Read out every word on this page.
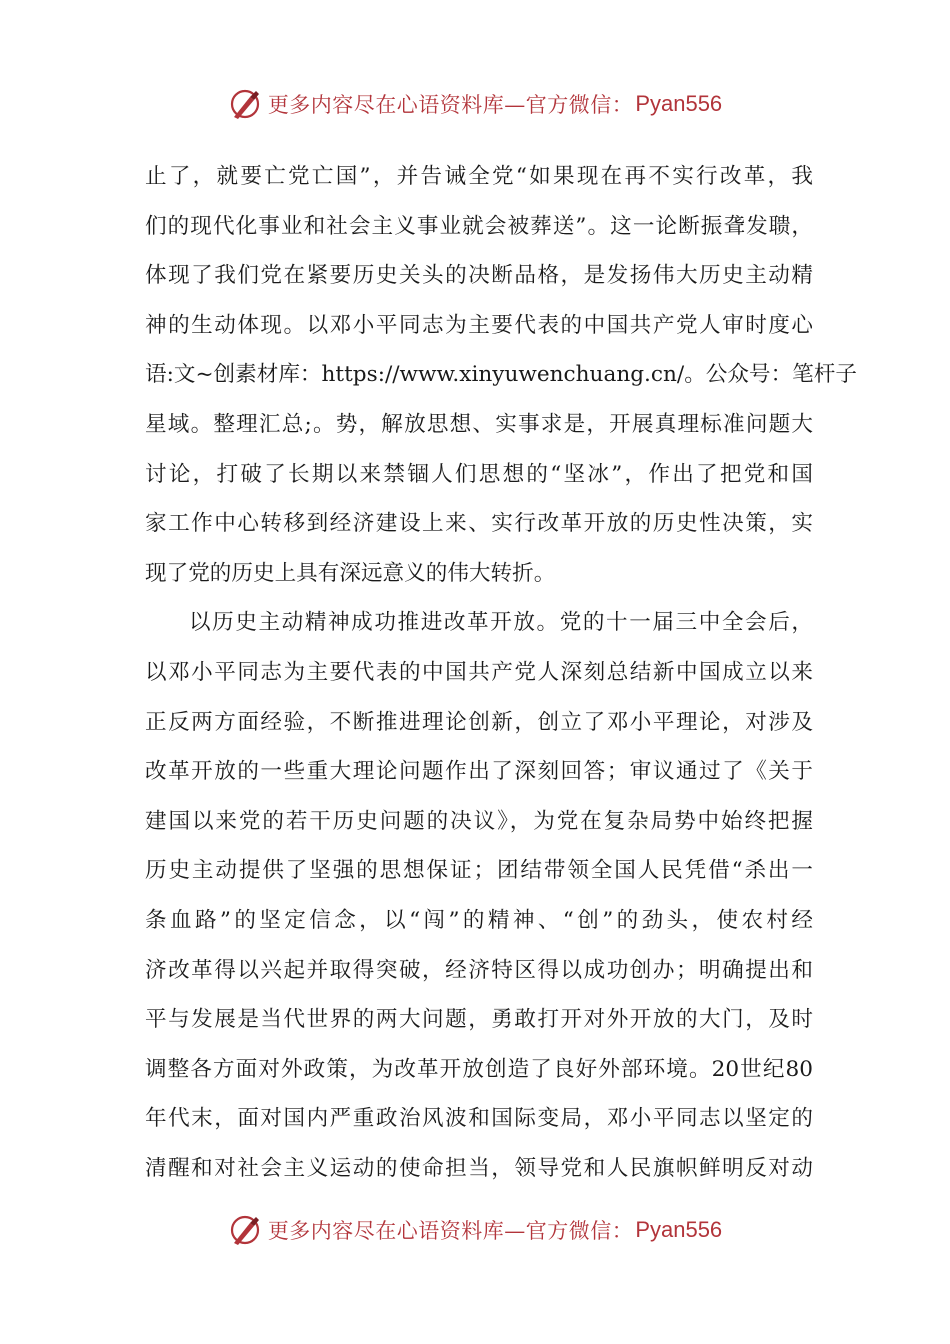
更多内容尽在心语资料库—官方微信： Pyan556
止了，就要亡党亡国”，并告诫全党“如果现在再不实行改革，我
们的现代化事业和社会主义事业就会被葬送”。这一论断振聋发聩，
体现了我们党在紧要历史关头的决断品格，是发扬伟大历史主动精
神的生动体现。以邓小平同志为主要代表的中国共产党人审时度心
语:文~创素材库：https://www.xinyuwenchuang.cn/。公众号：笔杆子
星域。整理汇总;。势，解放思想、实事求是，开展真理标准问题大
讨论，打破了长期以来禁锢人们思想的“坚冰”，作出了把党和国
家工作中心转移到经济建设上来、实行改革开放的历史性决策，实
现了党的历史上具有深远意义的伟大转折。
以历史主动精神成功推进改革开放。党的十一届三中全会后，
以邓小平同志为主要代表的中国共产党人深刻总结新中国成立以来
正反两方面经验，不断推进理论创新，创立了邓小平理论，对涉及
改革开放的一些重大理论问题作出了深刻回答；审议通过了《关于
建国以来党的若干历史问题的决议》，为党在复杂局势中始终把握
历史主动提供了坚强的思想保证；团结带领全国人民凭借“杀出一
条血路”的坚定信念，以“闯”的精神、“创”的劲头，使农村经
济改革得以兴起并取得突破，经济特区得以成功创办；明确提出和
平与发展是当代世界的两大问题，勇敢打开对外开放的大门，及时
调整各方面对外政策，为改革开放创造了良好外部环境。20世纪80
年代末，面对国内严重政治风波和国际变局，邓小平同志以坚定的
清醒和对社会主义运动的使命担当，领导党和人民旗帜鲜明反对动
更多内容尽在心语资料库—官方微信： Pyan556
